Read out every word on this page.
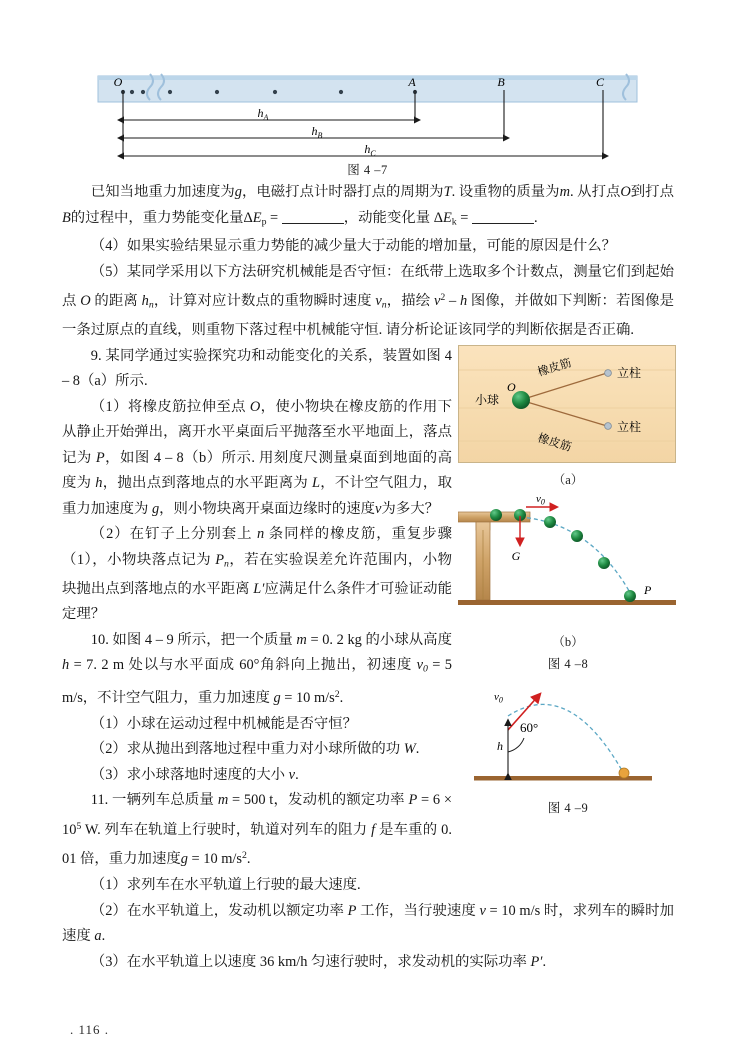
O	A	B	C
$h_A$
$h_B$
$h_C$
图 4 –7

已知当地重力加速度为g，电磁打点计时器打点的周期为T. 设重物的质量为m. 从打点O到打点B的过程中，重力势能变化量ΔEp =	，动能变化量 ΔEk =	.

（4）如果实验结果显示重力势能的减少量大于动能的增加量，可能的原因是什么？

（5）某同学采用以下方法研究机械能是否守恒：在纸带上选取多个计数点，测量它们到起始点 O 的距离 $h_n$，计算对应计数点的重物瞬时速度 $v_n$，描绘 $v^2$ – h 图像，并做如下判断：若图像是一条过原点的直线，则重物下落过程中机械能守恒. 请分析论证该同学的判断依据是否正确.

9. 某同学通过实验探究功和动能变化的关系，装置如图 4 – 8（a）所示.

（1）将橡皮筋拉伸至点 O，使小物块在橡皮筋的作用下从静止开始弹出，离开水平桌面后平抛落至水平地面上，落点记为 P，如图 4 – 8（b）所示. 用刻度尺测量桌面到地面的高度为 h，抛出点到落地点的水平距离为 L，不计空气阻力，取重力加速度为 g，则小物块离开桌面边缘时的速度v为多大？

（2）在钉子上分别套上 n 条同样的橡皮筋，重复步骤（1），小物块落点记为 $P_n$，若在实验误差允许范围内，小物块抛出点到落地点的水平距离 L′应满足什么条件才可验证动能定理？

10. 如图 4 – 9 所示，把一个质量 m = 0. 2 kg 的小球从高度 h = 7. 2 m 处以与水平面成 60°角斜向上抛出，初速度 $v_0 = 5$ m/s，不计空气阻力，重力加速度 g = 10 $m/s^2$.

（1）小球在运动过程中机械能是否守恒？

（2）求从抛出到落地过程中重力对小球所做的功 W.

（3）求小球落地时速度的大小 v.

11. 一辆列车总质量 m = 500 t，发动机的额定功率 $P = 6 \times 10^5$ W. 列车在轨道上行驶时，轨道对列车的阻力 f 是车重的 0. 01 倍，重力加速度g = 10 $m/s^2$.

（1）求列车在水平轨道上行驶的最大速度.

（2）在水平轨道上，发动机以额定功率 P 工作，当行驶速度 v = 10 m/s 时，求列车的瞬时加速度 a.

（3）在水平轨道上以速度 36 km/h 匀速行驶时，求发动机的实际功率 P′.

小球
O
橡皮筋
橡皮筋
立柱
立柱
（a）
$v_0$
G
P
（b）
图 4 –8
$v_0$
h
60°
图 4 –9
. 116 .
